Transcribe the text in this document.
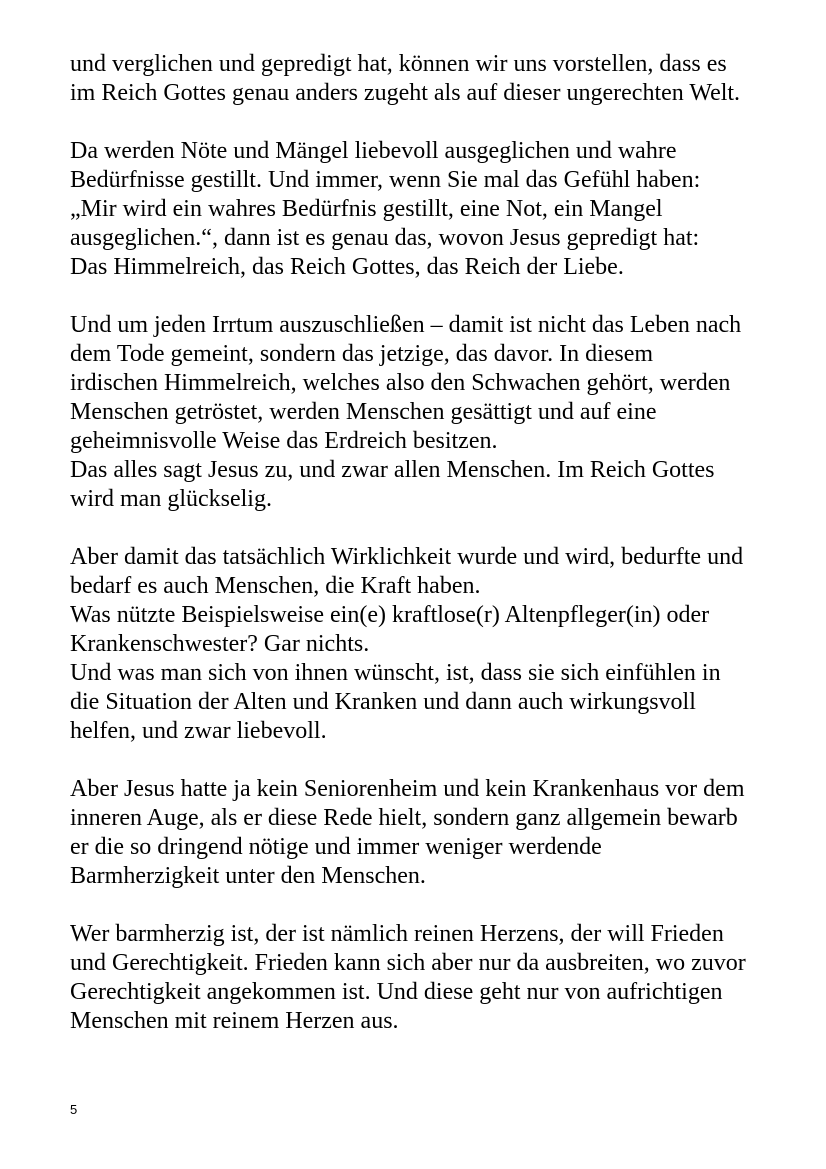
und verglichen und gepredigt hat, können wir uns vorstellen, dass es
im Reich Gottes genau anders zugeht als auf dieser ungerechten Welt.

Da werden Nöte und Mängel liebevoll ausgeglichen und wahre
Bedürfnisse gestillt. Und immer, wenn Sie mal das Gefühl haben:
„Mir wird ein wahres Bedürfnis gestillt, eine Not, ein Mangel
ausgeglichen.“, dann ist es genau das, wovon Jesus gepredigt hat:
Das Himmelreich, das Reich Gottes, das Reich der Liebe.

Und um jeden Irrtum auszuschließen – damit ist nicht das Leben nach
dem Tode gemeint, sondern das jetzige, das davor. In diesem
irdischen Himmelreich, welches also den Schwachen gehört, werden
Menschen getröstet, werden Menschen gesättigt und auf eine
geheimnisvolle Weise das Erdreich besitzen.
Das alles sagt Jesus zu, und zwar allen Menschen. Im Reich Gottes
wird man glückselig.

Aber damit das tatsächlich Wirklichkeit wurde und wird, bedurfte und
bedarf es auch Menschen, die Kraft haben.
Was nützte Beispielsweise ein(e) kraftlose(r) Altenpfleger(in) oder
Krankenschwester? Gar nichts.
Und was man sich von ihnen wünscht, ist, dass sie sich einfühlen in
die Situation der Alten und Kranken und dann auch wirkungsvoll
helfen, und zwar liebevoll.

Aber Jesus hatte ja kein Seniorenheim und kein Krankenhaus vor dem
inneren Auge, als er diese Rede hielt, sondern ganz allgemein bewarb
er die so dringend nötige und immer weniger werdende
Barmherzigkeit unter den Menschen.

Wer barmherzig ist, der ist nämlich reinen Herzens, der will Frieden
und Gerechtigkeit. Frieden kann sich aber nur da ausbreiten, wo zuvor
Gerechtigkeit angekommen ist. Und diese geht nur von aufrichtigen
Menschen mit reinem Herzen aus.

5
